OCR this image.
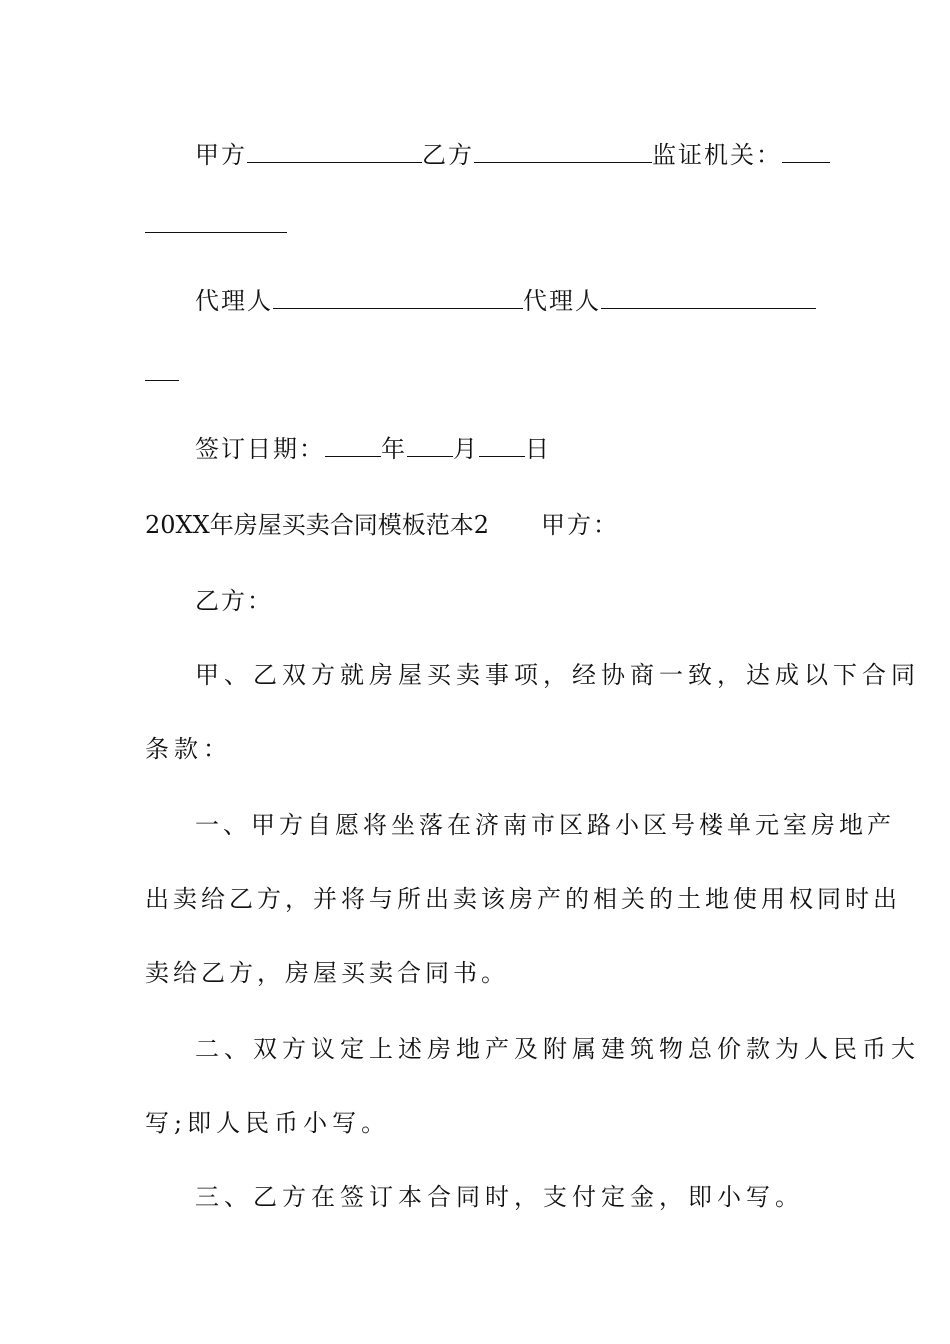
甲方	乙方	监证机关：
代理人	代理人
签订日期： 年 月 日
20XX年房屋买卖合同模板范本2 甲方：
乙方：
甲、乙双方就房屋买卖事项，经协商一致，达成以下合同
条款：
一、甲方自愿将坐落在济南市区路小区号楼单元室房地产
出卖给乙方，并将与所出卖该房产的相关的土地使用权同时出
卖给乙方，房屋买卖合同书。
二、双方议定上述房地产及附属建筑物总价款为人民币大
写;即人民币小写。
三、乙方在签订本合同时，支付定金，即小写。
